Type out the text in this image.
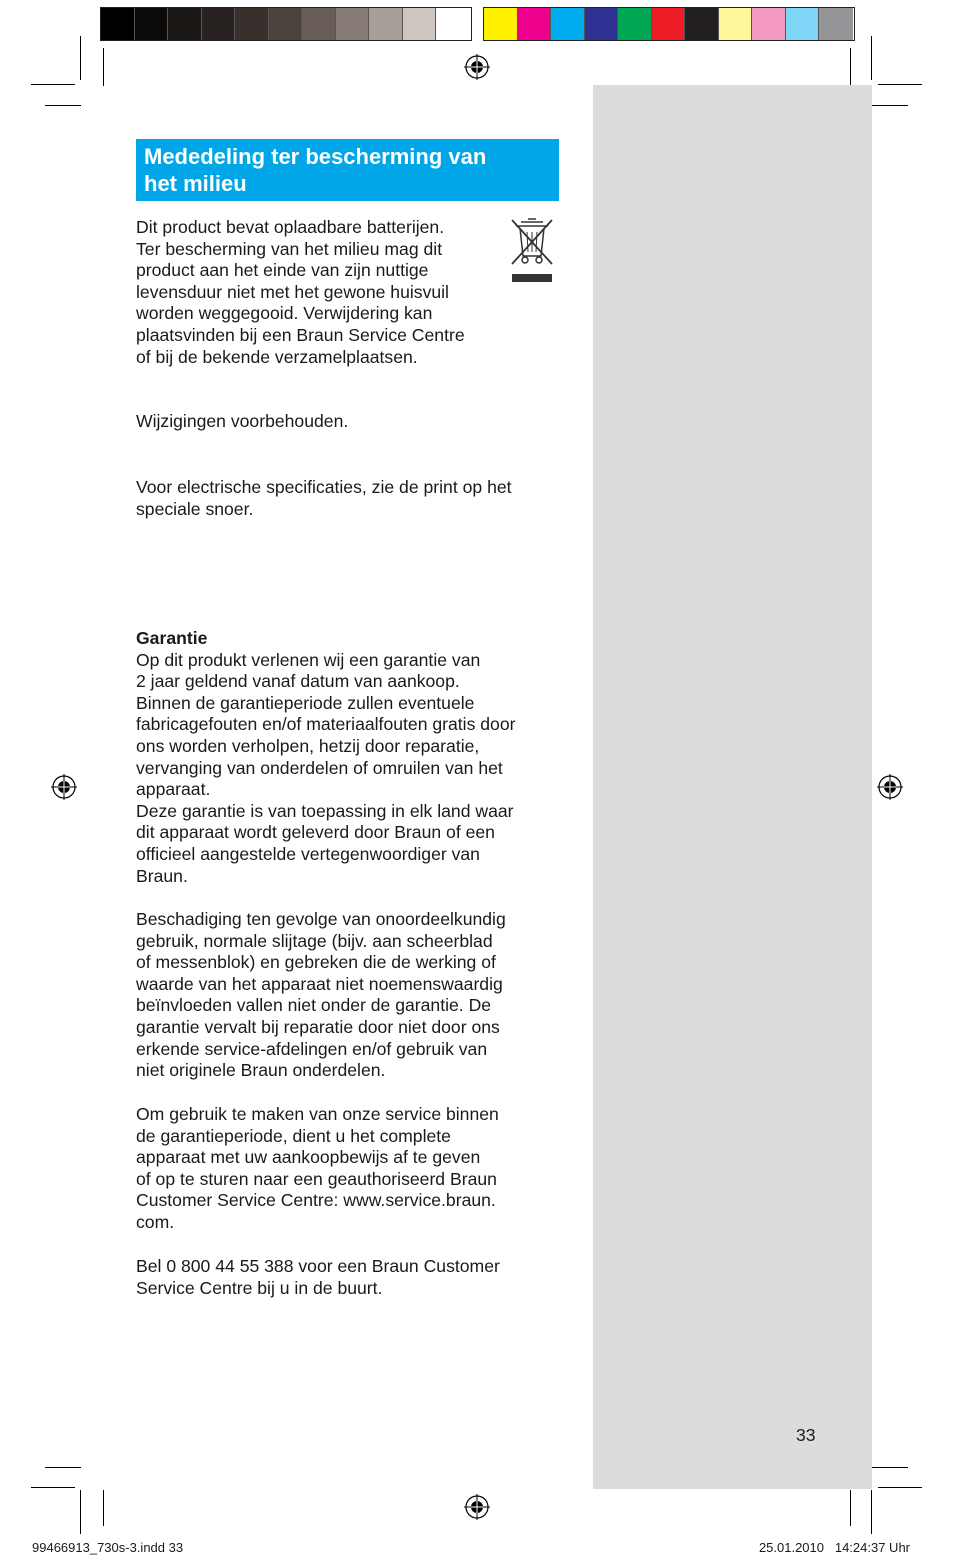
Mededeling ter bescherming van
het milieu

Dit product bevat oplaadbare batterijen.
Ter bescherming van het milieu mag dit
product aan het einde van zijn nuttige
levensduur niet met het gewone huisvuil
worden weggegooid. Verwijdering kan
plaatsvinden bij een Braun Service Centre
of bij de bekende verzamelplaatsen.

Wijzigingen voorbehouden.

Voor electrische specificaties, zie de print op het
speciale snoer.

Garantie
Op dit produkt verlenen wij een garantie van
2 jaar geldend vanaf datum van aankoop.
Binnen de garantieperiode zullen eventuele
fabricagefouten en/of materiaalfouten gratis door
ons worden verholpen, hetzij door reparatie,
vervanging van onderdelen of omruilen van het
apparaat.
Deze garantie is van toepassing in elk land waar
dit apparaat wordt geleverd door Braun of een
officieel aangestelde vertegenwoordiger van
Braun.

Beschadiging ten gevolge van onoordeelkundig
gebruik, normale slijtage (bijv. aan scheerblad
of messenblok) en gebreken die de werking of
waarde van het apparaat niet noemenswaardig
beïnvloeden vallen niet onder de garantie. De
garantie vervalt bij reparatie door niet door ons
erkende service-afdelingen en/of gebruik van
niet originele Braun onderdelen.

Om gebruik te maken van onze service binnen
de garantieperiode, dient u het complete
apparaat met uw aankoopbewijs af te geven
of op te sturen naar een geauthoriseerd Braun
Customer Service Centre: www.service.braun.
com.

Bel 0 800 44 55 388 voor een Braun Customer
Service Centre bij u in de buurt.

33
99466913_730s-3.indd 33	25.01.2010   14:24:37 Uhr
